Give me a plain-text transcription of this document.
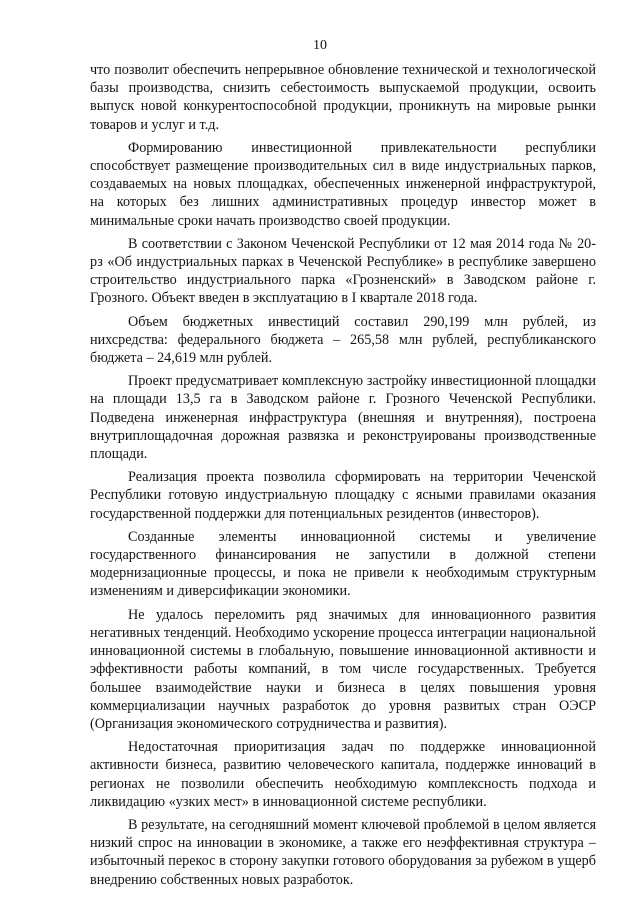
10

что позволит обеспечить непрерывное обновление технической и технологической базы производства, снизить себестоимость выпускаемой продукции, освоить выпуск новой конкурентоспособной продукции, проникнуть на мировые рынки товаров и услуг и т.д.

Формированию инвестиционной привлекательности республики способствует размещение производительных сил в виде индустриальных парков, создаваемых на новых площадках, обеспеченных инженерной инфраструктурой, на которых без лишних административных процедур инвестор может в минимальные сроки начать производство своей продукции.

В соответствии с Законом Чеченской Республики от 12 мая 2014 года № 20-рз «Об индустриальных парках в Чеченской Республике» в республике завершено строительство индустриального парка «Грозненский» в Заводском районе г. Грозного. Объект введен в эксплуатацию в I квартале 2018 года.

Объем бюджетных инвестиций составил 290,199 млн рублей, из нихсредства: федерального бюджета – 265,58 млн рублей, республиканского бюджета – 24,619 млн рублей.

Проект предусматривает комплексную застройку инвестиционной площадки на площади 13,5 га в Заводском районе г. Грозного Чеченской Республики. Подведена инженерная инфраструктура (внешняя и внутренняя), построена внутриплощадочная дорожная развязка и реконструированы производственные площади.

Реализация проекта позволила сформировать на территории Чеченской Республики готовую индустриальную площадку с ясными правилами оказания государственной поддержки для потенциальных резидентов (инвесторов).

Созданные элементы инновационной системы и увеличение государственного финансирования не запустили в должной степени модернизационные процессы, и пока не привели к необходимым структурным изменениям и диверсификации экономики.

Не удалось переломить ряд значимых для инновационного развития негативных тенденций. Необходимо ускорение процесса интеграции национальной инновационной системы в глобальную, повышение инновационной активности и эффективности работы компаний, в том числе государственных. Требуется большее взаимодействие науки и бизнеса в целях повышения уровня коммерциализации научных разработок до уровня развитых стран ОЭСР (Организация экономического сотрудничества и развития).

Недостаточная приоритизация задач по поддержке инновационной активности бизнеса, развитию человеческого капитала, поддержке инноваций в регионах не позволили обеспечить необходимую комплексность подхода и ликвидацию «узких мест» в инновационной системе республики.

В результате, на сегодняшний момент ключевой проблемой в целом является низкий спрос на инновации в экономике, а также его неэффективная структура – избыточный перекос в сторону закупки готового оборудования за рубежом в ущерб внедрению собственных новых разработок.
